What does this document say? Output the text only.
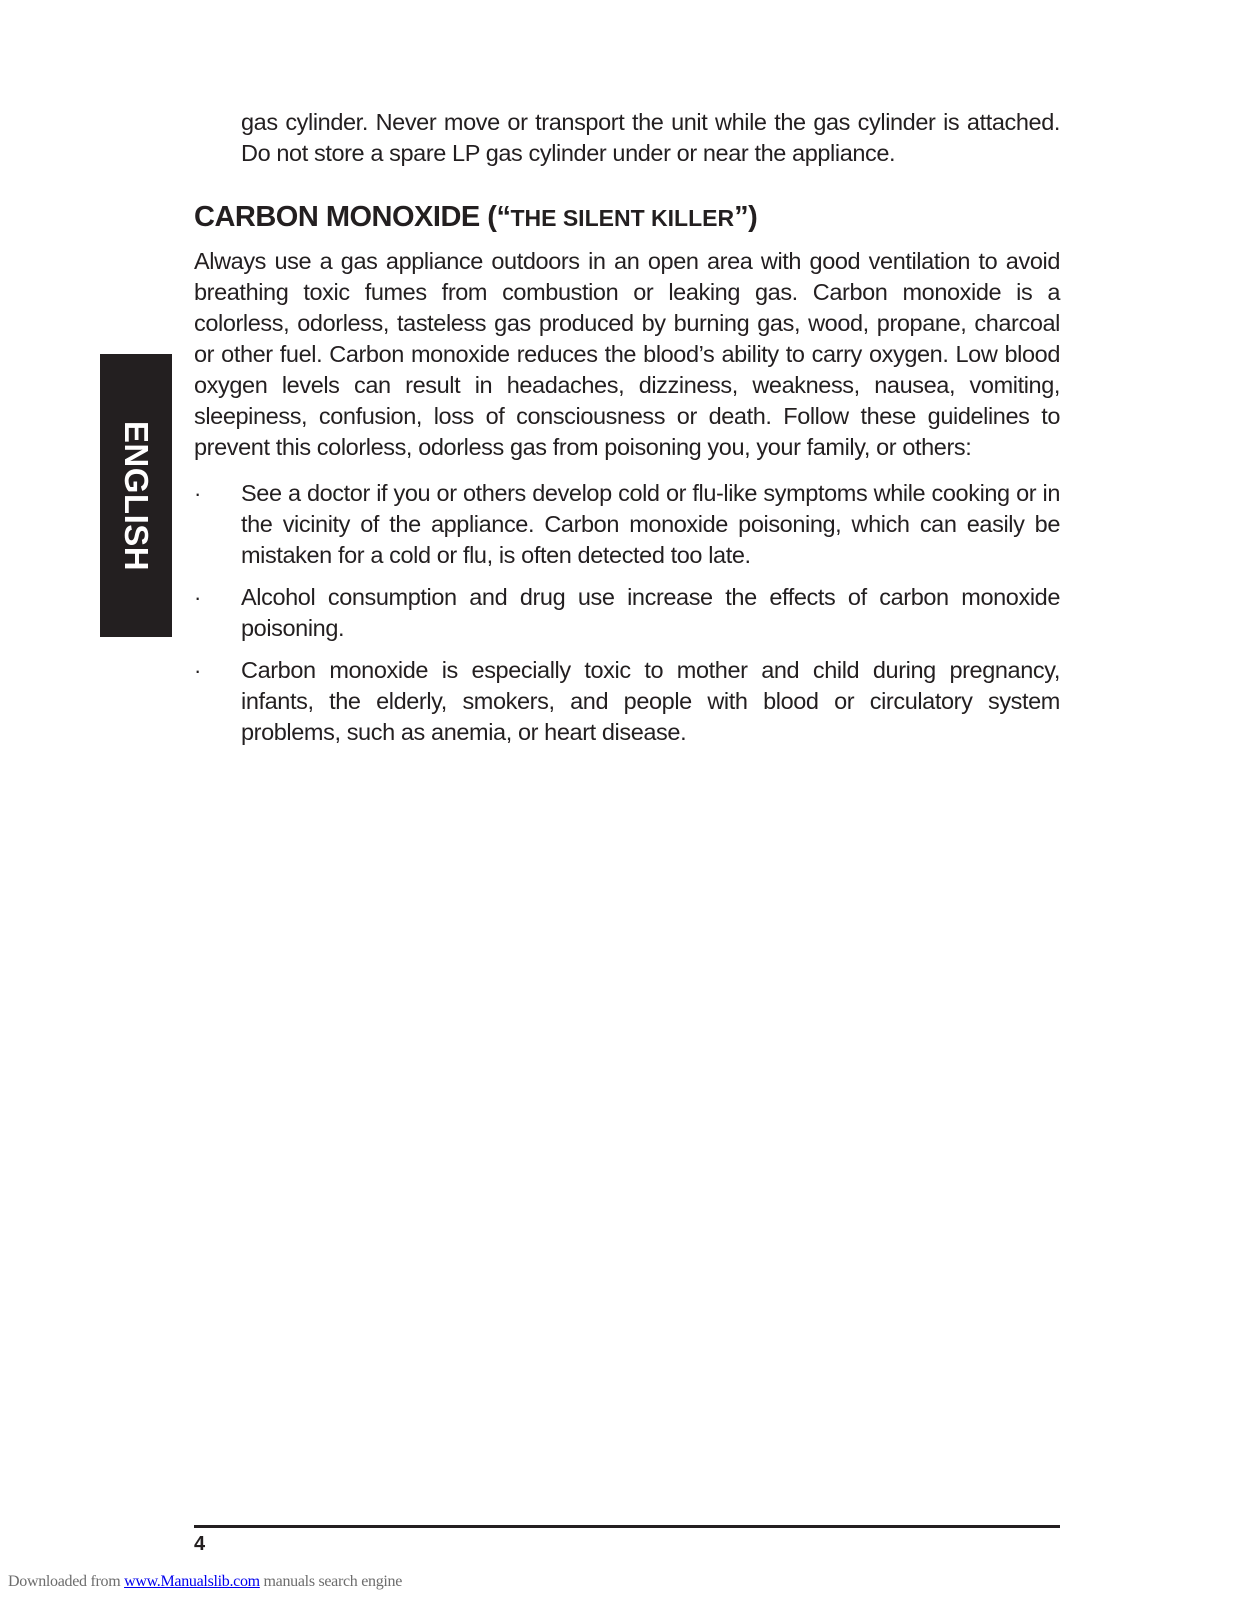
gas cylinder. Never move or transport the unit while the gas cylinder is attached. Do not store a spare LP gas cylinder under or near the appliance.

CARBON MONOXIDE (“THE SILENT KILLER”)

Always use a gas appliance outdoors in an open area with good ventilation to avoid breathing toxic fumes from combustion or leaking gas. Carbon monoxide is a colorless, odorless, tasteless gas produced by burning gas, wood, propane, charcoal or other fuel. Carbon monoxide reduces the blood’s ability to carry oxygen. Low blood oxygen levels can result in headaches, dizziness, weakness, nausea, vomiting, sleepiness, confusion, loss of consciousness or death. Follow these guidelines to prevent this colorless, odorless gas from poisoning you, your family, or others:

· See a doctor if you or others develop cold or flu-like symptoms while cooking or in the vicinity of the appliance. Carbon monoxide poisoning, which can easily be mistaken for a cold or flu, is often detected too late.
· Alcohol consumption and drug use increase the effects of carbon monoxide poisoning.
· Carbon monoxide is especially toxic to mother and child during pregnancy, infants, the elderly, smokers, and people with blood or circulatory system problems, such as anemia, or heart disease.
ENGLISH
4
Downloaded from www.Manualslib.com manuals search engine
